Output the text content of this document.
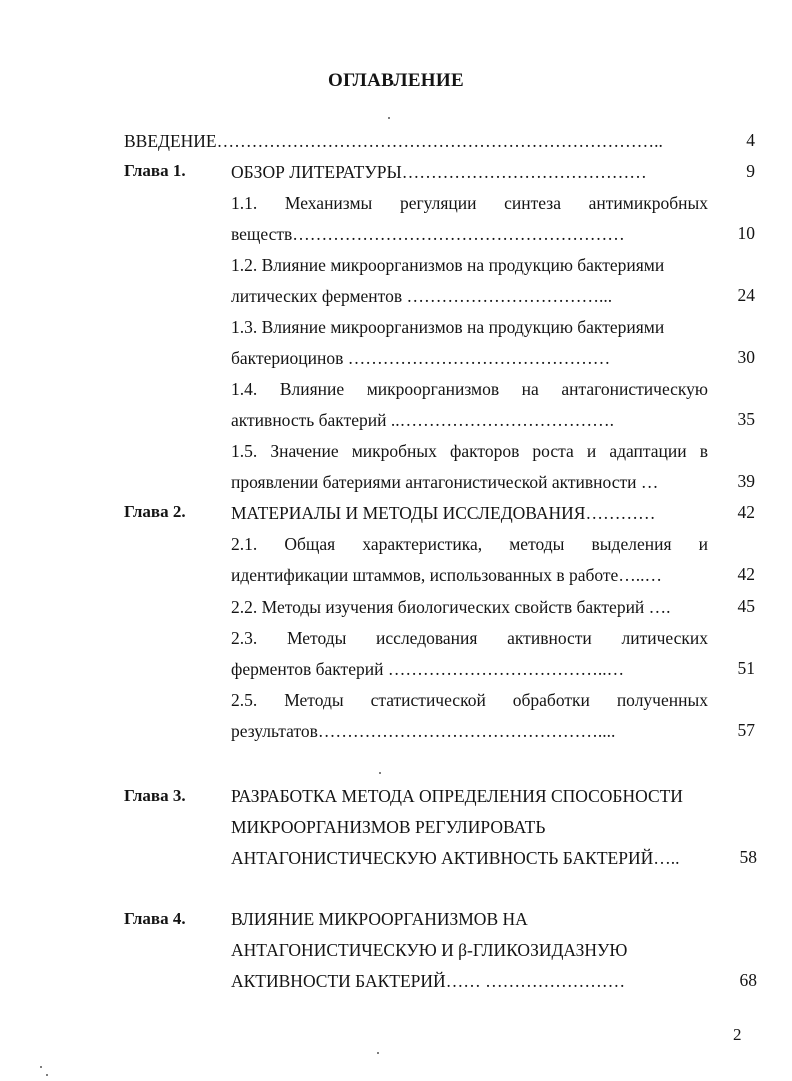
ОГЛАВЛЕНИЕ
ВВЕДЕНИЕ…………………………………………………………………..	4
Глава 1.	ОБЗОР ЛИТЕРАТУРЫ……………………………………	9
1.1. Механизмы регуляции синтеза антимикробных
веществ…………………………………………………	10
1.2. Влияние микроорганизмов на продукцию бактериями
литических ферментов ……………………………...	24
1.3. Влияние микроорганизмов на продукцию бактериями
бактериоцинов ………………………………………	30
1.4. Влияние микроорганизмов на антагонистическую
активность бактерий ..……………………………….	35
1.5. Значение микробных факторов роста и адаптации в
проявлении батериями антагонистической активности …	39
Глава 2.	МАТЕРИАЛЫ И МЕТОДЫ ИССЛЕДОВАНИЯ…………	42
2.1. Общая характеристика, методы выделения и
идентификации штаммов, использованных в работе…..…	42
2.2. Методы изучения биологических свойств бактерий ….	45
2.3. Методы исследования активности литических
ферментов бактерий ………………………………..…	51
2.5. Методы статистической обработки полученных
результатов…………………………………………....	57
Глава 3.	РАЗРАБОТКА МЕТОДА ОПРЕДЕЛЕНИЯ СПОСОБНОСТИ
МИКРООРГАНИЗМОВ РЕГУЛИРОВАТЬ
АНТАГОНИСТИЧЕСКУЮ АКТИВНОСТЬ БАКТЕРИЙ…..	58
Глава 4.	ВЛИЯНИЕ МИКРООРГАНИЗМОВ НА
АНТАГОНИСТИЧЕСКУЮ И β-ГЛИКОЗИДАЗНУЮ
АКТИВНОСТИ БАКТЕРИЙ…… ……………………	68
2
